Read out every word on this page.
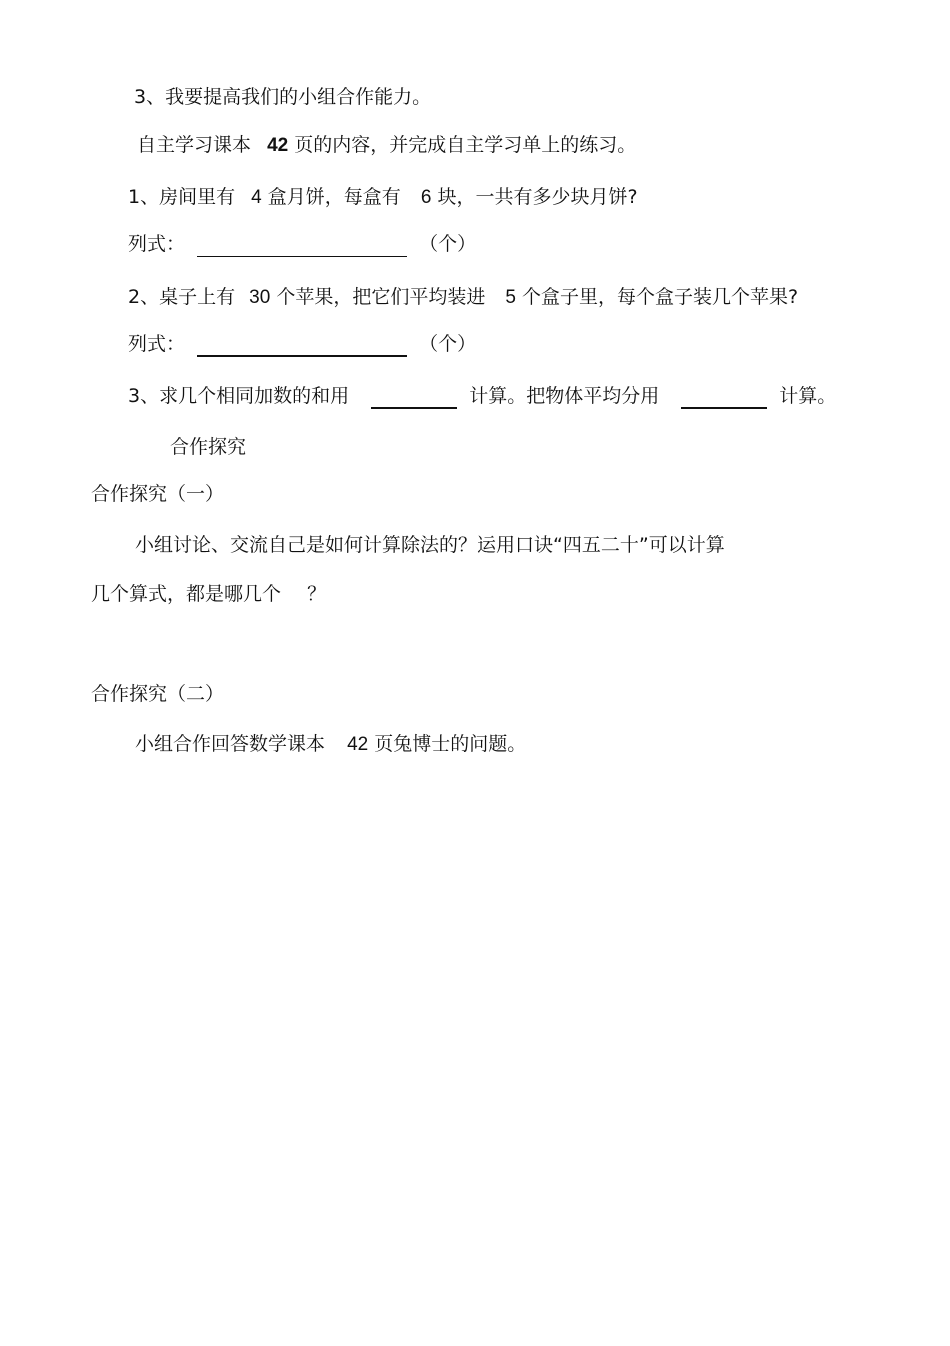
3、我要提高我们的小组合作能力。
自主学习课本 42 页的内容，并完成自主学习单上的练习。
1、房间里有 4 盒月饼，每盒有 6 块，一共有多少块月饼?
列式：	（个）
2、桌子上有 30 个苹果，把它们平均装进 5 个盒子里，每个盒子装几个苹果?
列式：	（个）
3、求几个相同加数的和用	计算。把物体平均分用	计算。
合作探究
合作探究（一）
小组讨论、交流自己是如何计算除法的？运用口诀“四五二十”可以计算
几个算式，都是哪几个 ？
合作探究（二）
小组合作回答数学课本 42 页兔博士的问题。
